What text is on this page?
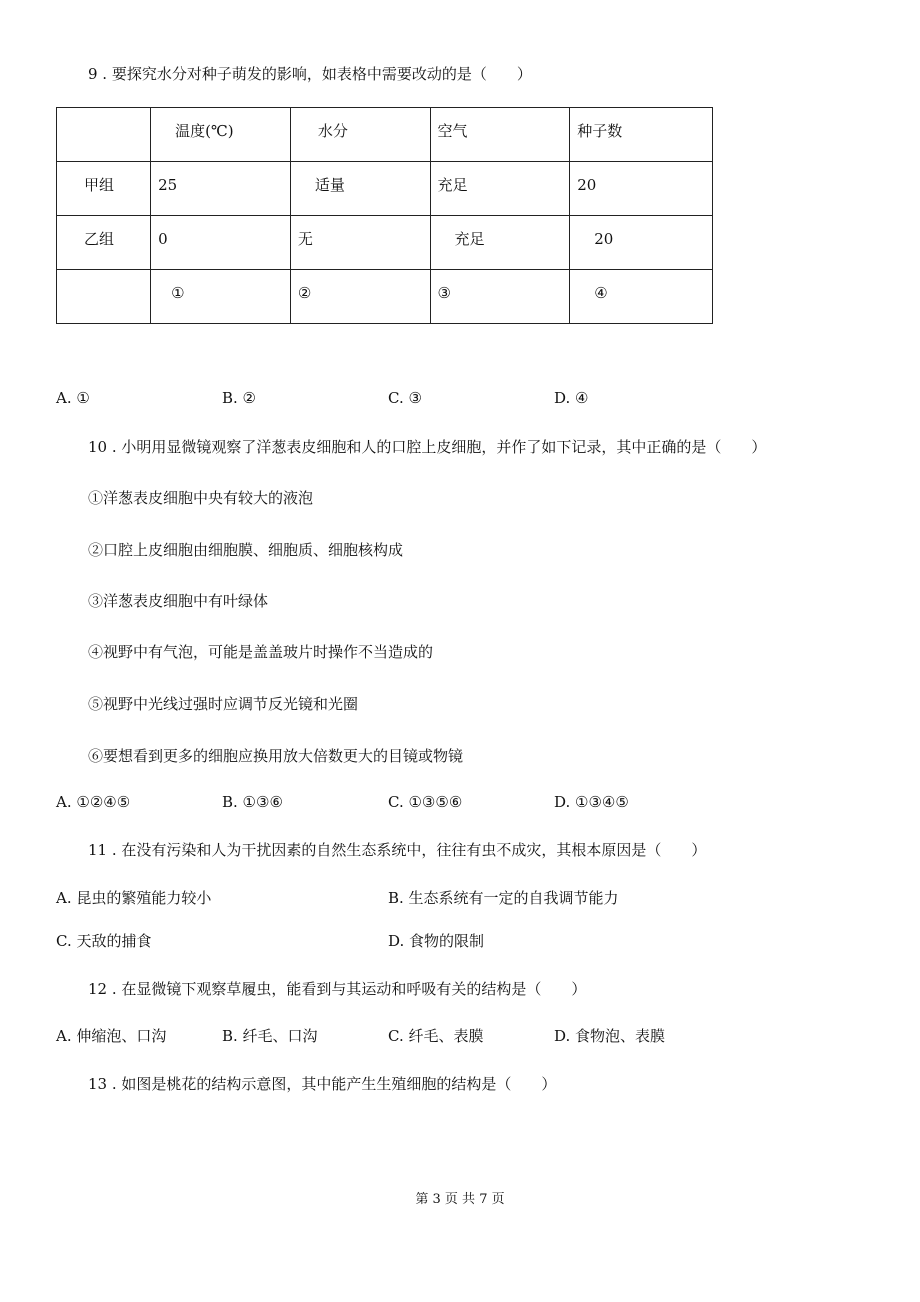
9 . 要探究水分对种子萌发的影响，如表格中需要改动的是（　　）
	温度(℃)	水分	空气	种子数
甲组	25	适量	充足	20
乙组	0	无	充足	20
	①	②	③	④
A. ①	B. ②	C. ③	D. ④
10 . 小明用显微镜观察了洋葱表皮细胞和人的口腔上皮细胞，并作了如下记录，其中正确的是（　　）
①洋葱表皮细胞中央有较大的液泡
②口腔上皮细胞由细胞膜、细胞质、细胞核构成
③洋葱表皮细胞中有叶绿体
④视野中有气泡，可能是盖盖玻片时操作不当造成的
⑤视野中光线过强时应调节反光镜和光圈
⑥要想看到更多的细胞应换用放大倍数更大的目镜或物镜
A. ①②④⑤	B. ①③⑥	C. ①③⑤⑥	D. ①③④⑤
11 . 在没有污染和人为干扰因素的自然生态系统中，往往有虫不成灾，其根本原因是（　　）
A. 昆虫的繁殖能力较小	B. 生态系统有一定的自我调节能力
C. 天敌的捕食	D. 食物的限制
12 . 在显微镜下观察草履虫，能看到与其运动和呼吸有关的结构是（　　）
A. 伸缩泡、口沟	B. 纤毛、口沟	C. 纤毛、表膜	D. 食物泡、表膜
13 . 如图是桃花的结构示意图，其中能产生生殖细胞的结构是（　　）
第 3 页 共 7 页
